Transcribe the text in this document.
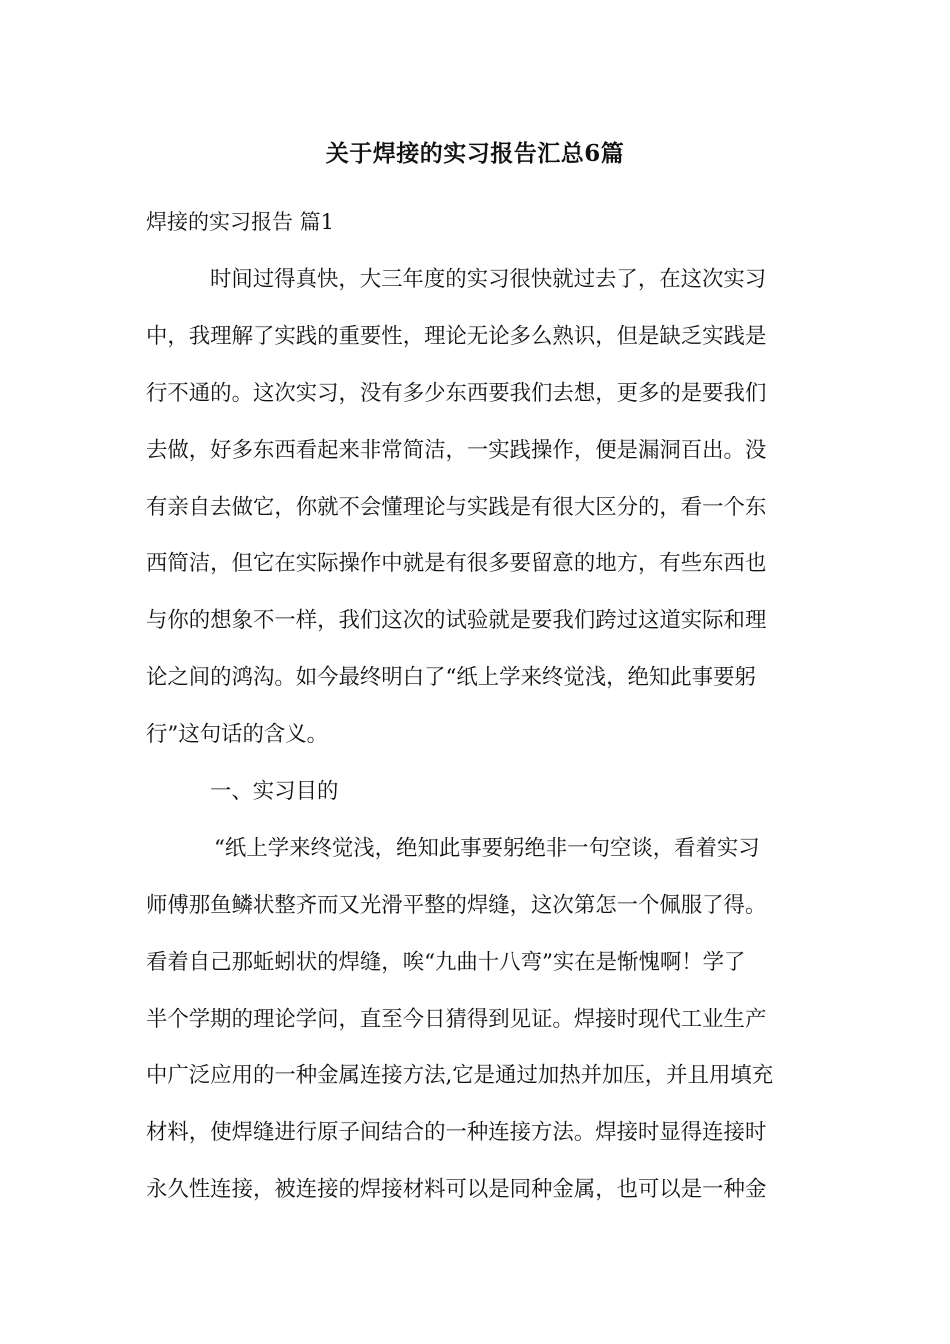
关于焊接的实习报告汇总6篇
焊接的实习报告 篇1
时间过得真快，大三年度的实习很快就过去了，在这次实习
中，我理解了实践的重要性，理论无论多么熟识，但是缺乏实践是
行不通的。这次实习，没有多少东西要我们去想，更多的是要我们
去做，好多东西看起来非常简洁，一实践操作，便是漏洞百出。没
有亲自去做它，你就不会懂理论与实践是有很大区分的，看一个东
西简洁，但它在实际操作中就是有很多要留意的地方，有些东西也
与你的想象不一样，我们这次的试验就是要我们跨过这道实际和理
论之间的鸿沟。如今最终明白了“纸上学来终觉浅，绝知此事要躬
行”这句话的含义。
一、实习目的
“纸上学来终觉浅，绝知此事要躬绝非一句空谈，看着实习
师傅那鱼鳞状整齐而又光滑平整的焊缝，这次第怎一个佩服了得。
看着自己那蚯蚓状的焊缝，唉“九曲十八弯”实在是惭愧啊！学了
半个学期的理论学问，直至今日猜得到见证。焊接时现代工业生产
中广泛应用的一种金属连接方法,它是通过加热并加压，并且用填充
材料，使焊缝进行原子间结合的一种连接方法。焊接时显得连接时
永久性连接，被连接的焊接材料可以是同种金属，也可以是一种金
